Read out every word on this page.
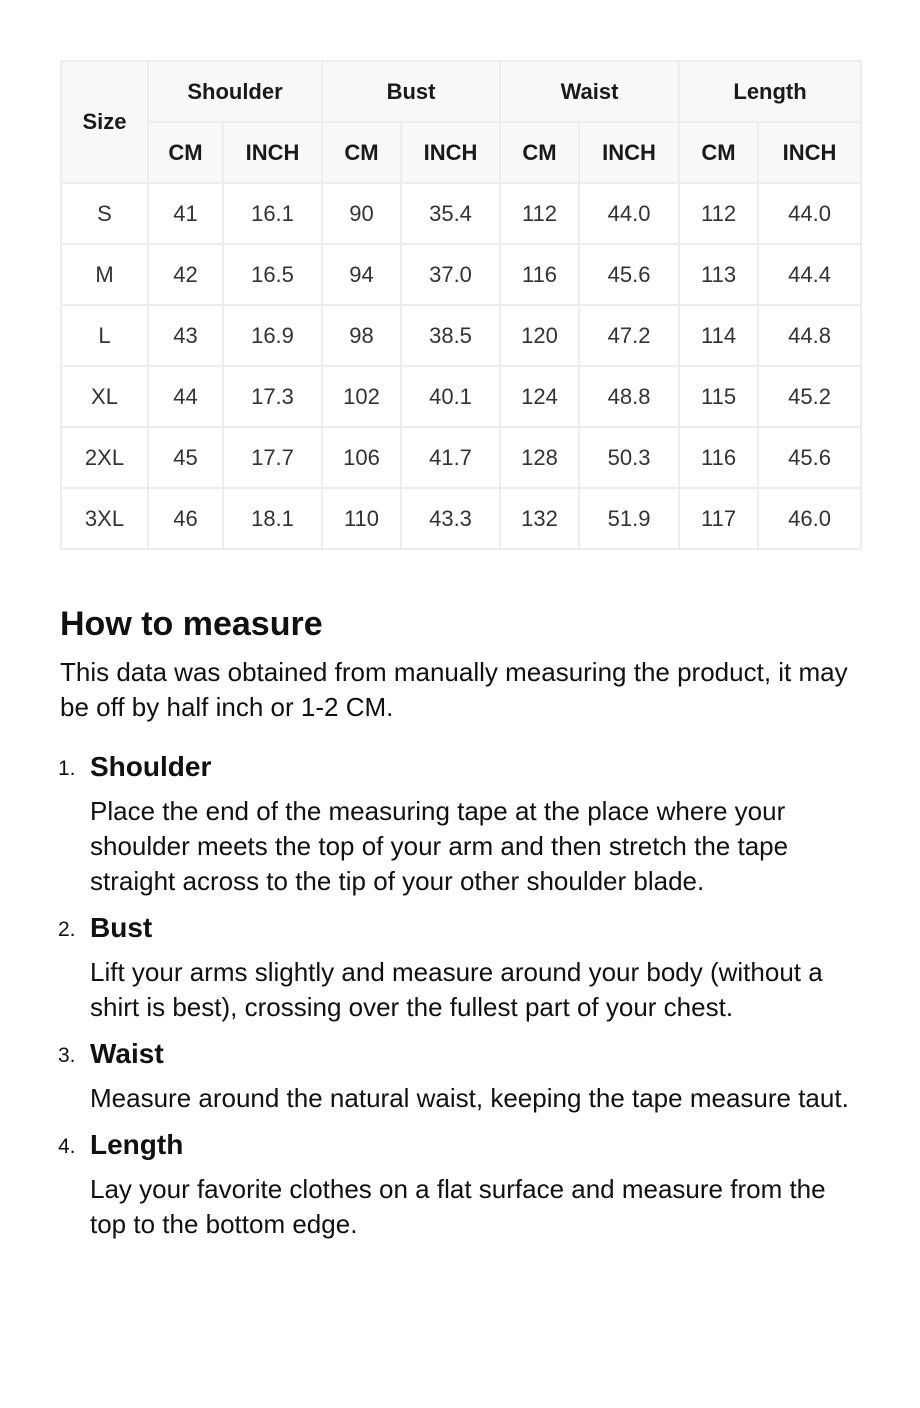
Size	Shoulder		Bust		Waist		Length	
	CM	INCH	CM	INCH	CM	INCH	CM	INCH
S	41	16.1	90	35.4	112	44.0	112	44.0
M	42	16.5	94	37.0	116	45.6	113	44.4
L	43	16.9	98	38.5	120	47.2	114	44.8
XL	44	17.3	102	40.1	124	48.8	115	45.2
2XL	45	17.7	106	41.7	128	50.3	116	45.6
3XL	46	18.1	110	43.3	132	51.9	117	46.0
How to measure

This data was obtained from manually measuring the product, it may be off by half inch or 1-2 CM.

1. Shoulder

Place the end of the measuring tape at the place where your shoulder meets the top of your arm and then stretch the tape straight across to the tip of your other shoulder blade.

2. Bust

Lift your arms slightly and measure around your body (without a shirt is best), crossing over the fullest part of your chest.

3. Waist

Measure around the natural waist, keeping the tape measure taut.

4. Length

Lay your favorite clothes on a flat surface and measure from the top to the bottom edge.
